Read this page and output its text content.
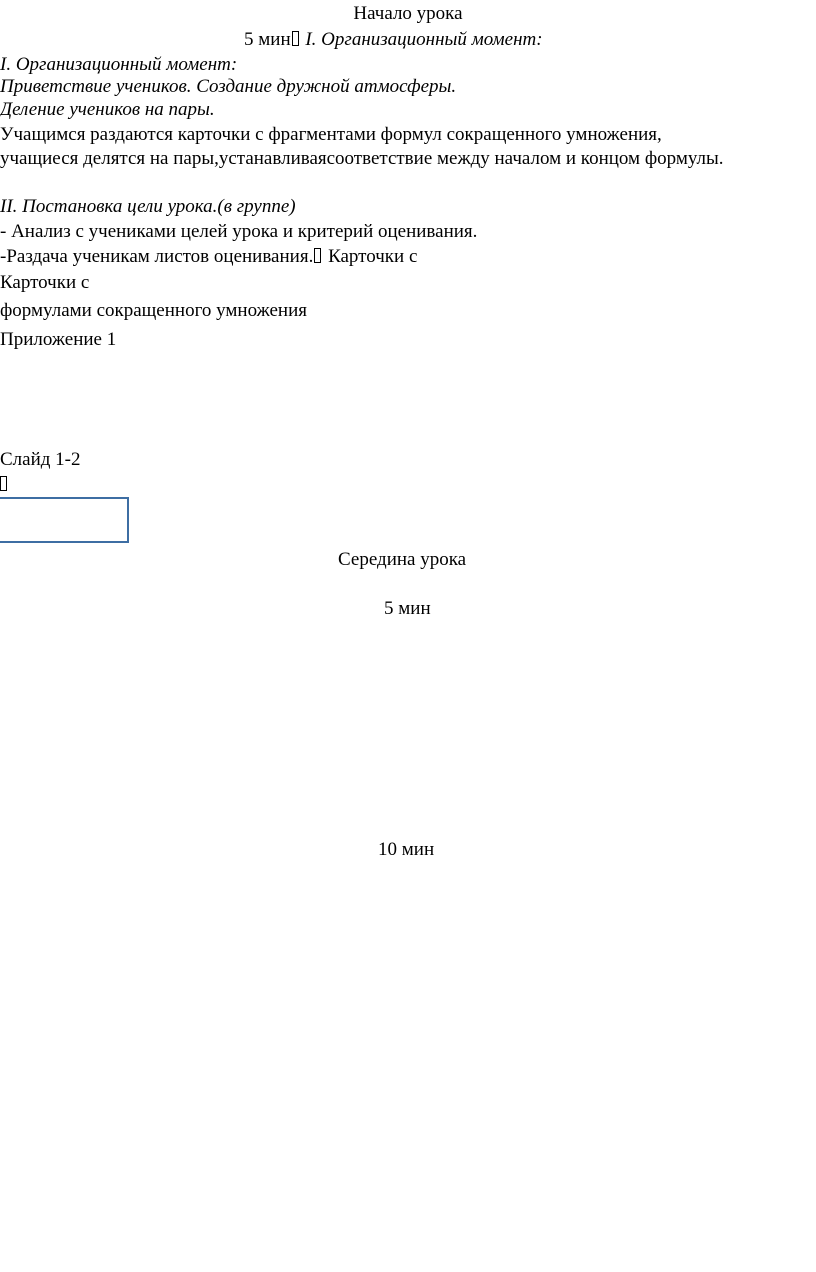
Начало урока
5 мин I. Организационный момент:
I. Организационный момент:
Приветствие учеников. Создание дружной атмосферы.
Деление учеников на пары.
Учащимся раздаются карточки с фрагментами формул сокращенного умножения,
учащиеся делятся на пары,устанавливаясоответствие между началом и концом формулы.
II. Постановка цели урока.(в группе)
- Анализ с учениками целей урока и критерий оценивания.
-Раздача ученикам листов оценивания. Карточки с
Карточки с
формулами сокращенного умножения
Приложение 1
Слайд 1-2
Середина урока
5 мин
10 мин
